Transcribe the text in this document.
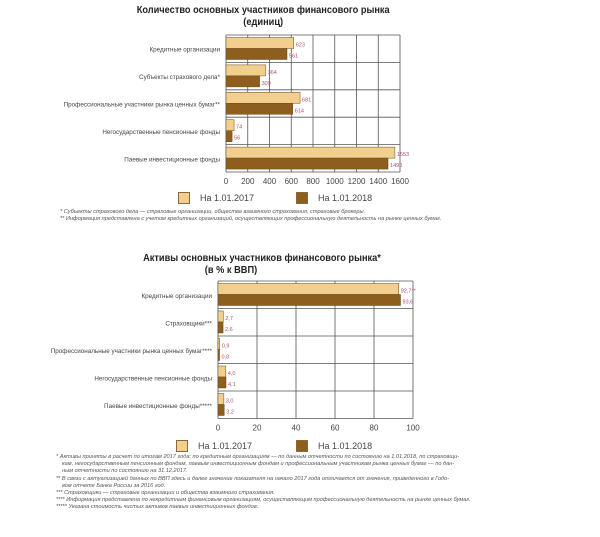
Количество основных участников финансового рынка
(единиц)
0 200 400 600 800 1000 1200 1400 1600
Кредитные организации
623
561
Субъекты страхового дела*
364
309
Профессиональные участники рынка ценных бумаг**
681
614
Негосударственные пенсионные фонды
74
56
Паевые инвестиционные фонды
1553
1490
На 1.01.2017	На 1.01.2018
* Субъекты страхового дела — страховые организации, общества взаимного страхования, страховые брокеры.
** Информация представлена с учетом кредитных организаций, осуществляющих профессиональную деятельность на рынке ценных бумаг.
Активы основных участников финансового рынка*
(в % к ВВП)
0	20	40	60	80	100
Кредитные организации
92,7**
93,6
Страховщики***
2,7
2,6
Профессиональные участники рынка ценных бумаг****
0,9
0,8
Негосударственные пенсионные фонды
4,0
4,1
Паевые инвестиционные фонды*****
3,0
3,2
На 1.01.2017	На 1.01.2018
* Активы приняты в расчет по итогам 2017 года: по кредитным организациям — по данным отчетности по состоянию на 1.01.2018, по страховщи-
кам, негосударственным пенсионным фондам, паевым инвестиционным фондам и профессиональным участникам рынка ценных бумаг — по дан-
ным отчетности по состоянию на 31.12.2017.
** В связи с актуализацией данных по ВВП здесь и далее значение показателя на начало 2017 года отличается от значения, приведенного в Годо-
вом отчете Банка России за 2016 год.
*** Страховщики — страховые организации и общества взаимного страхования.
**** Информация представлена по некредитным финансовым организациям, осуществляющим профессиональную деятельность на рынке ценных бумаг.
***** Указана стоимость чистых активов паевых инвестиционных фондов.
